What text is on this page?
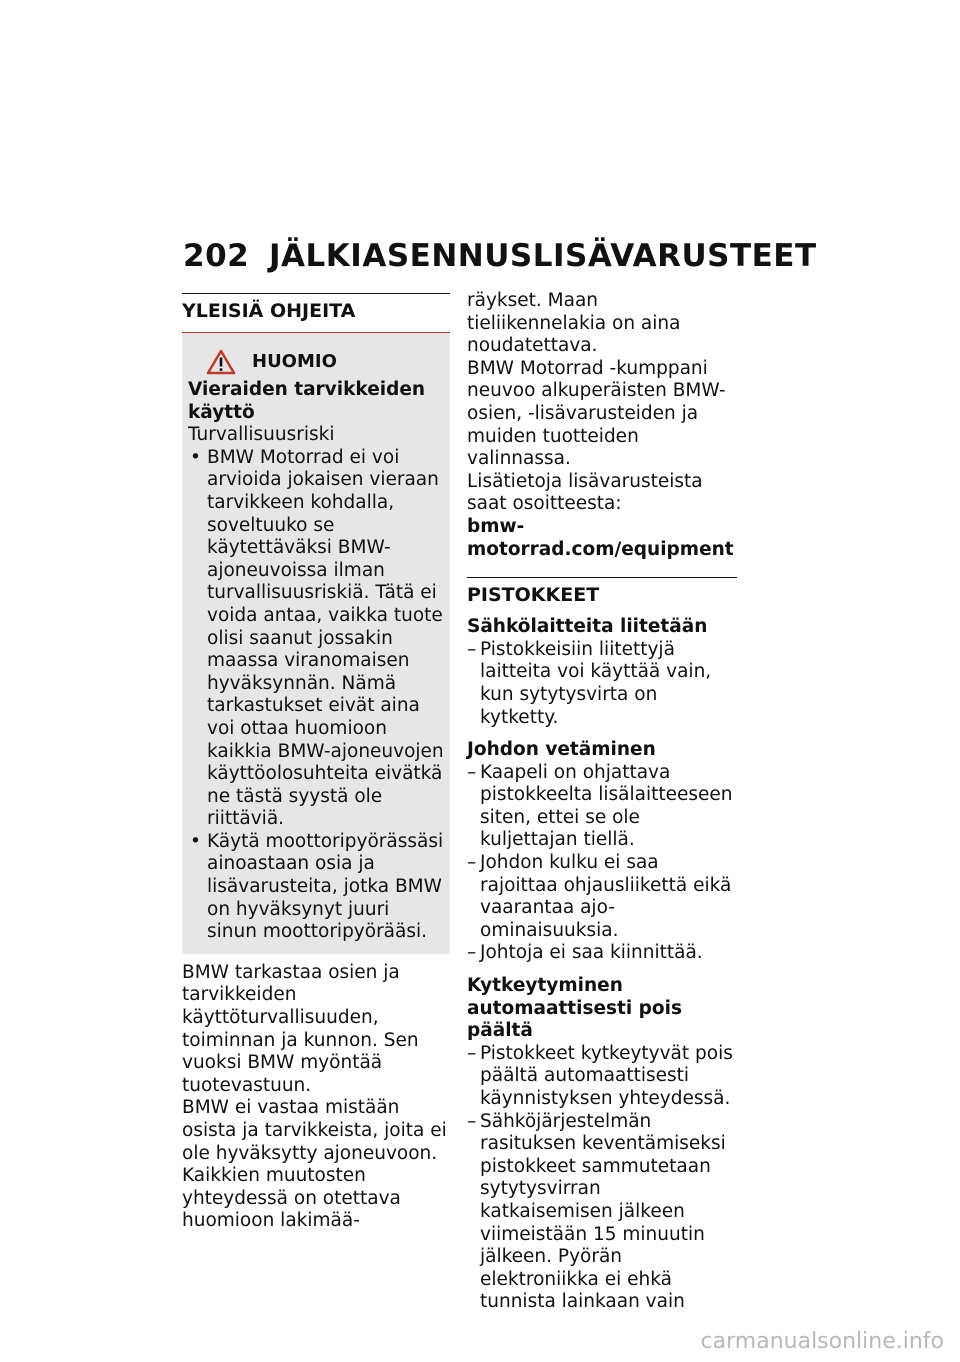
202 JÄLKIASENNUSLISÄVARUSTEET
YLEISIÄ OHJEITA
HUOMIO
Vieraiden tarvikkeiden käyttö
Turvallisuusriski
• BMW Motorrad ei voi arvioida jokaisen vieraan tarvikkeen kohdalla, soveltuuko se käytettäväksi BMW-ajoneuvoissa ilman turvallisuusriskiä. Tätä ei voida antaa, vaikka tuote olisi saanut jossakin maassa viranomaisen hyväksynnän. Nämä tarkastukset eivät aina voi ottaa huomioon kaikkia BMW-ajoneuvojen käyttöolosuhteita eivätkä ne tästä syystä ole riittäviä.
• Käytä moottoripyörässäsi ainoastaan osia ja lisävarusteita, jotka BMW on hyväksynyt juuri sinun moottoripyörääsi.

BMW tarkastaa osien ja tarvikkeiden käyttöturvallisuuden, toiminnan ja kunnon. Sen vuoksi BMW myöntää tuotevastuun.

BMW ei vastaa mistään osista ja tarvikkeista, joita ei ole hyväksytty ajoneuvoon.

Kaikkien muutosten yhteydessä on otettava huomioon lakimää-

räykset. Maan tieliikennelakia on aina noudatettava.

BMW Motorrad -kumppani neuvoo alkuperäisten BMW-osien, -lisävarusteiden ja muiden tuotteiden valinnassa.

Lisätietoja lisävarusteista saat osoitteesta:

bmw-motorrad.com/equipment

PISTOKKEET
Sähkölaitteita liitetään
– Pistokkeisiin liitettyjä laitteita voi käyttää vain, kun sytytysvirta on kytketty.
Johdon vetäminen
– Kaapeli on ohjattava pistokkeelta lisälaitteeseen siten, ettei se ole kuljettajan tiellä.
– Johdon kulku ei saa rajoittaa ohjausliikettä eikä vaarantaa ajo-ominaisuuksia.
– Johtoja ei saa kiinnittää.
Kytkeytyminen automaattisesti pois päältä
– Pistokkeet kytkeytyvät pois päältä automaattisesti käynnistyksen yhteydessä.
– Sähköjärjestelmän rasituksen keventämiseksi pistokkeet sammutetaan sytytysvirran katkaisemisen jälkeen viimeistään 15 minuutin jälkeen. Pyörän elektroniikka ei ehkä tunnista lainkaan vain
carmanualsonline.info
